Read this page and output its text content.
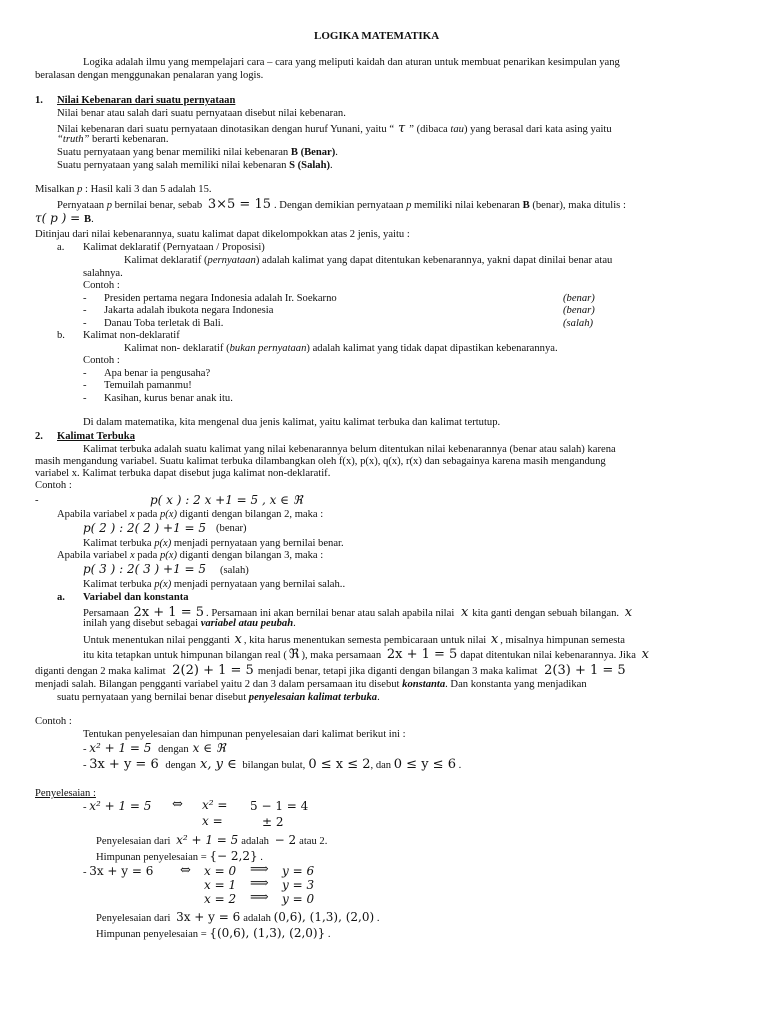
LOGIKA MATEMATIKA
Logika adalah ilmu yang mempelajari cara – cara yang meliputi kaidah dan aturan untuk membuat penarikan kesimpulan yang
beralasan dengan menggunakan penalaran yang logis.
1. Nilai Kebenaran dari suatu pernyataan
Nilai benar atau salah dari suatu pernyataan disebut nilai kebenaran.
Nilai kebenaran dari suatu pernyataan dinotasikan dengan huruf Yunani, yaitu “ τ ” (dibaca tau) yang berasal dari kata asing yaitu
“truth” berarti kebenaran.
Suatu pernyataan yang benar memiliki nilai kebenaran B (Benar).
Suatu pernyataan yang salah memiliki nilai kebenaran S (Salah).
Misalkan p : Hasil kali 3 dan 5 adalah 15.
Pernyataan p bernilai benar, sebab 3×5 = 15 . Dengan demikian pernyataan p memiliki nilai kebenaran B (benar), maka ditulis :
τ( p ) = B.
Ditinjau dari nilai kebenarannya, suatu kalimat dapat dikelompokkan atas 2 jenis, yaitu :
a. Kalimat deklaratif (Pernyataan / Proposisi)
Kalimat deklaratif (pernyataan) adalah kalimat yang dapat ditentukan kebenarannya, yakni dapat dinilai benar atau
salahnya.
Contoh :
- Presiden pertama negara Indonesia adalah Ir. Soekarno	(benar)
- Jakarta adalah ibukota negara Indonesia	(benar)
- Danau Toba terletak di Bali.	(salah)
b. Kalimat non-deklaratif
Kalimat non- deklaratif (bukan pernyataan) adalah kalimat yang tidak dapat dipastikan kebenarannya.
Contoh :
- Apa benar ia pengusaha?
- Temuilah pamanmu!
- Kasihan, kurus benar anak itu.
Di dalam matematika, kita mengenal dua jenis kalimat, yaitu kalimat terbuka dan kalimat tertutup.
2. Kalimat Terbuka
Kalimat terbuka adalah suatu kalimat yang nilai kebenarannya belum ditentukan nilai kebenarannya (benar atau salah) karena
masih mengandung variabel. Suatu kalimat terbuka dilambangkan oleh f(x), p(x), q(x), r(x) dan sebagainya karena masih mengandung
variabel x. Kalimat terbuka dapat disebut juga kalimat non-deklaratif.
Contoh :
-	p( x ) : 2 x +1 = 5 , x ∈ ℜ
Apabila variabel x pada p(x) diganti dengan bilangan 2, maka :
p( 2 ) : 2( 2 ) +1 = 5 (benar)
Kalimat terbuka p(x) menjadi pernyataan yang bernilai benar.
Apabila variabel x pada p(x) diganti dengan bilangan 3, maka :
p( 3 ) : 2( 3 ) +1 = 5 (salah)
Kalimat terbuka p(x) menjadi pernyataan yang bernilai salah..
a. Variabel dan konstanta
Persamaan 2x + 1 = 5 . Persamaan ini akan bernilai benar atau salah apabila nilai x kita ganti dengan sebuah bilangan. x
inilah yang disebut sebagai variabel atau peubah.
Untuk menentukan nilai pengganti x , kita harus menentukan semesta pembicaraan untuk nilai x , misalnya himpunan semesta
itu kita tetapkan untuk himpunan bilangan real ( ℜ ), maka persamaan 2x + 1 = 5 dapat ditentukan nilai kebenarannya. Jika x
diganti dengan 2 maka kalimat 2(2) + 1 = 5 menjadi benar, tetapi jika diganti dengan bilangan 3 maka kalimat 2(3) + 1 = 5
menjadi salah. Bilangan pengganti variabel yaitu 2 dan 3 dalam persamaan itu disebut konstanta. Dan konstanta yang menjadikan
suatu pernyataan yang bernilai benar disebut penyelesaian kalimat terbuka.
Contoh :
Tentukan penyelesaian dan himpunan penyelesaian dari kalimat berikut ini :
- x² + 1 = 5 dengan x ∈ ℜ
- 3x + y = 6 dengan x, y ∈ bilangan bulat, 0 ≤ x ≤ 2, dan 0 ≤ y ≤ 6 .
Penyelesaian :
- x² + 1 = 5 ⇔ x² = 5 − 1 = 4
x =	± 2
Penyelesaian dari x² + 1 = 5 adalah − 2 atau 2.
Himpunan penyelesaian = {− 2,2} .
- 3x + y = 6 ⇔ x = 0 ⟹ y = 6
x = 1 ⟹ y = 3
x = 2 ⟹ y = 0
Penyelesaian dari 3x + y = 6 adalah (0,6), (1,3), (2,0) .
Himpunan penyelesaian = {(0,6), (1,3), (2,0)} .
